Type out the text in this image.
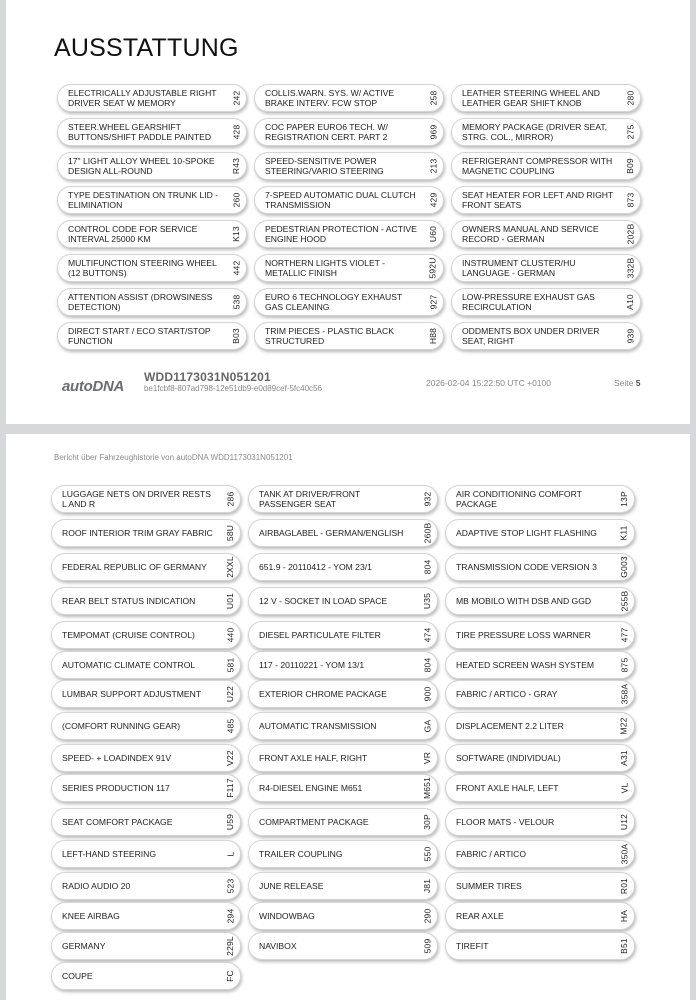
AUSSTATTUNG
ELECTRICALLY ADJUSTABLE RIGHT DRIVER SEAT W MEMORY	242	COLLIS.WARN. SYS. W/ ACTIVE BRAKE INTERV. FCW STOP	258	LEATHER STEERING WHEEL AND LEATHER GEAR SHIFT KNOB	280
STEER.WHEEL GEARSHIFT BUTTONS/SHIFT PADDLE PAINTED	428	COC PAPER EURO6 TECH. W/ REGISTRATION CERT. PART 2	969	MEMORY PACKAGE (DRIVER SEAT, STRG. COL., MIRROR)	275
17" LIGHT ALLOY WHEEL 10-SPOKE DESIGN ALL-ROUND	R43	SPEED-SENSITIVE POWER STEERING/VARIO STEERING	213	REFRIGERANT COMPRESSOR WITH MAGNETIC COUPLING	B09
TYPE DESTINATION ON TRUNK LID - ELIMINATION	260	7-SPEED AUTOMATIC DUAL CLUTCH TRANSMISSION	429	SEAT HEATER FOR LEFT AND RIGHT FRONT SEATS	873
CONTROL CODE FOR SERVICE INTERVAL 25000 KM	K13	PEDESTRIAN PROTECTION - ACTIVE ENGINE HOOD	U60	OWNERS MANUAL AND SERVICE RECORD - GERMAN	202B
MULTIFUNCTION STEERING WHEEL (12 BUTTONS)	442	NORTHERN LIGHTS VIOLET - METALLIC FINISH	592U	INSTRUMENT CLUSTER/HU LANGUAGE - GERMAN	332B
ATTENTION ASSIST (DROWSINESS DETECTION)	538	EURO 6 TECHNOLOGY EXHAUST GAS CLEANING	927	LOW-PRESSURE EXHAUST GAS RECIRCULATION	A10
DIRECT START / ECO START/STOP FUNCTION	B03	TRIM PIECES - PLASTIC BLACK STRUCTURED	H88	ODDMENTS BOX UNDER DRIVER SEAT, RIGHT	939
autoDNA
WDD1173031N051201
be1fcbf8-807ad798-12e51db9-e0d89cef-5fc40c56
2026-02-04 15:22:50 UTC +0100	Seite 5
Bericht über Fahrzeughistorie von autoDNA WDD1173031N051201
LUGGAGE NETS ON DRIVER RESTS L AND R	286	TANK AT DRIVER/FRONT PASSENGER SEAT	932	AIR CONDITIONING COMFORT PACKAGE	13P
ROOF INTERIOR TRIM GRAY FABRIC	58U	AIRBAGLABEL - GERMAN/ENGLISH	260B	ADAPTIVE STOP LIGHT FLASHING	K11
FEDERAL REPUBLIC OF GERMANY	2XXL	651.9 - 20110412 - YOM 23/1	804	TRANSMISSION CODE VERSION 3	G003
REAR BELT STATUS INDICATION	U01	12 V - SOCKET IN LOAD SPACE	U35	MB MOBILO WITH DSB AND GGD	255B
TEMPOMAT (CRUISE CONTROL)	440	DIESEL PARTICULATE FILTER	474	TIRE PRESSURE LOSS WARNER	477
AUTOMATIC CLIMATE CONTROL	581	117 - 20110221 - YOM 13/1	804	HEATED SCREEN WASH SYSTEM	875
LUMBAR SUPPORT ADJUSTMENT	U22	EXTERIOR CHROME PACKAGE	900	FABRIC / ARTICO - GRAY	358A
(COMFORT RUNNING GEAR)	485	AUTOMATIC TRANSMISSION	GA	DISPLACEMENT 2.2 LITER	M22
SPEED- + LOADINDEX 91V	V22	FRONT AXLE HALF, RIGHT	VR	SOFTWARE (INDIVIDUAL)	A31
SERIES PRODUCTION 117	F117	R4-DIESEL ENGINE M651	M651	FRONT AXLE HALF, LEFT	VL
SEAT COMFORT PACKAGE	U59	COMPARTMENT PACKAGE	30P	FLOOR MATS - VELOUR	U12
LEFT-HAND STEERING	L	TRAILER COUPLING	550	FABRIC / ARTICO	350A
RADIO AUDIO 20	523	JUNE RELEASE	J81	SUMMER TIRES	R01
KNEE AIRBAG	294	WINDOWBAG	290	REAR AXLE	HA
GERMANY	229L	NAVIBOX	509	TIREFIT	B51
COUPE	FC
